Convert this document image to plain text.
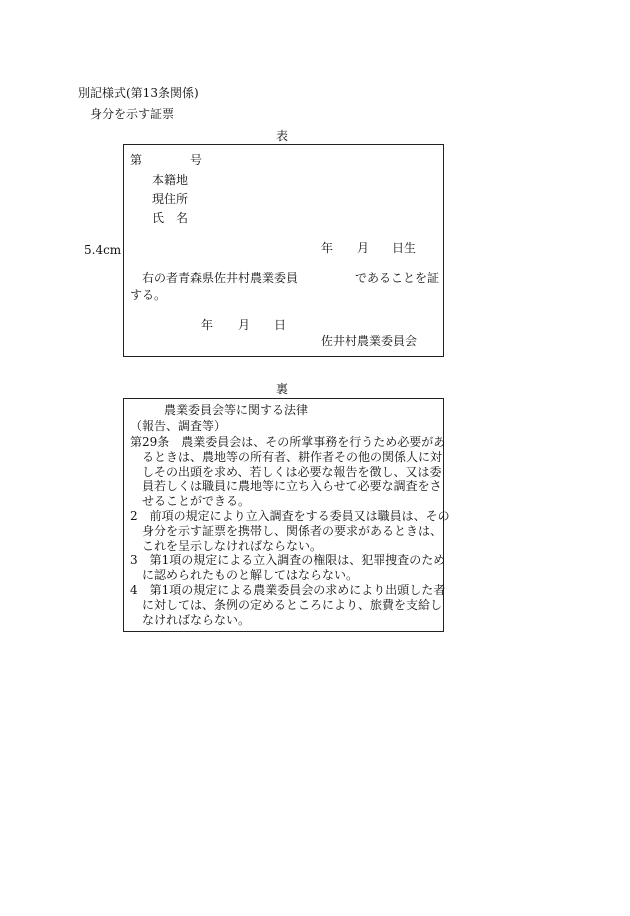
別記様式(第13条関係)
身分を示す証票
表
5.4cm
第	号
本籍地
現住所
氏　名
年 月 日生
右の者青森県佐井村農業委員	であることを証
する。
年 月 日
佐井村農業委員会
裏
農業委員会等に関する法律
（報告、調査等）
第29条　農業委員会は、その所掌事務を行うため必要があ
　るときは、農地等の所有者、耕作者その他の関係人に対
　しその出頭を求め、若しくは必要な報告を徴し、又は委
　員若しくは職員に農地等に立ち入らせて必要な調査をさ
　せることができる。
2　前項の規定により立入調査をする委員又は職員は、その
　身分を示す証票を携帯し、関係者の要求があるときは、
　これを呈示しなければならない。
3　第1項の規定による立入調査の権限は、犯罪捜査のため
　に認められたものと解してはならない。
4　第1項の規定による農業委員会の求めにより出頭した者
　に対しては、条例の定めるところにより、旅費を支給し
　なければならない。
